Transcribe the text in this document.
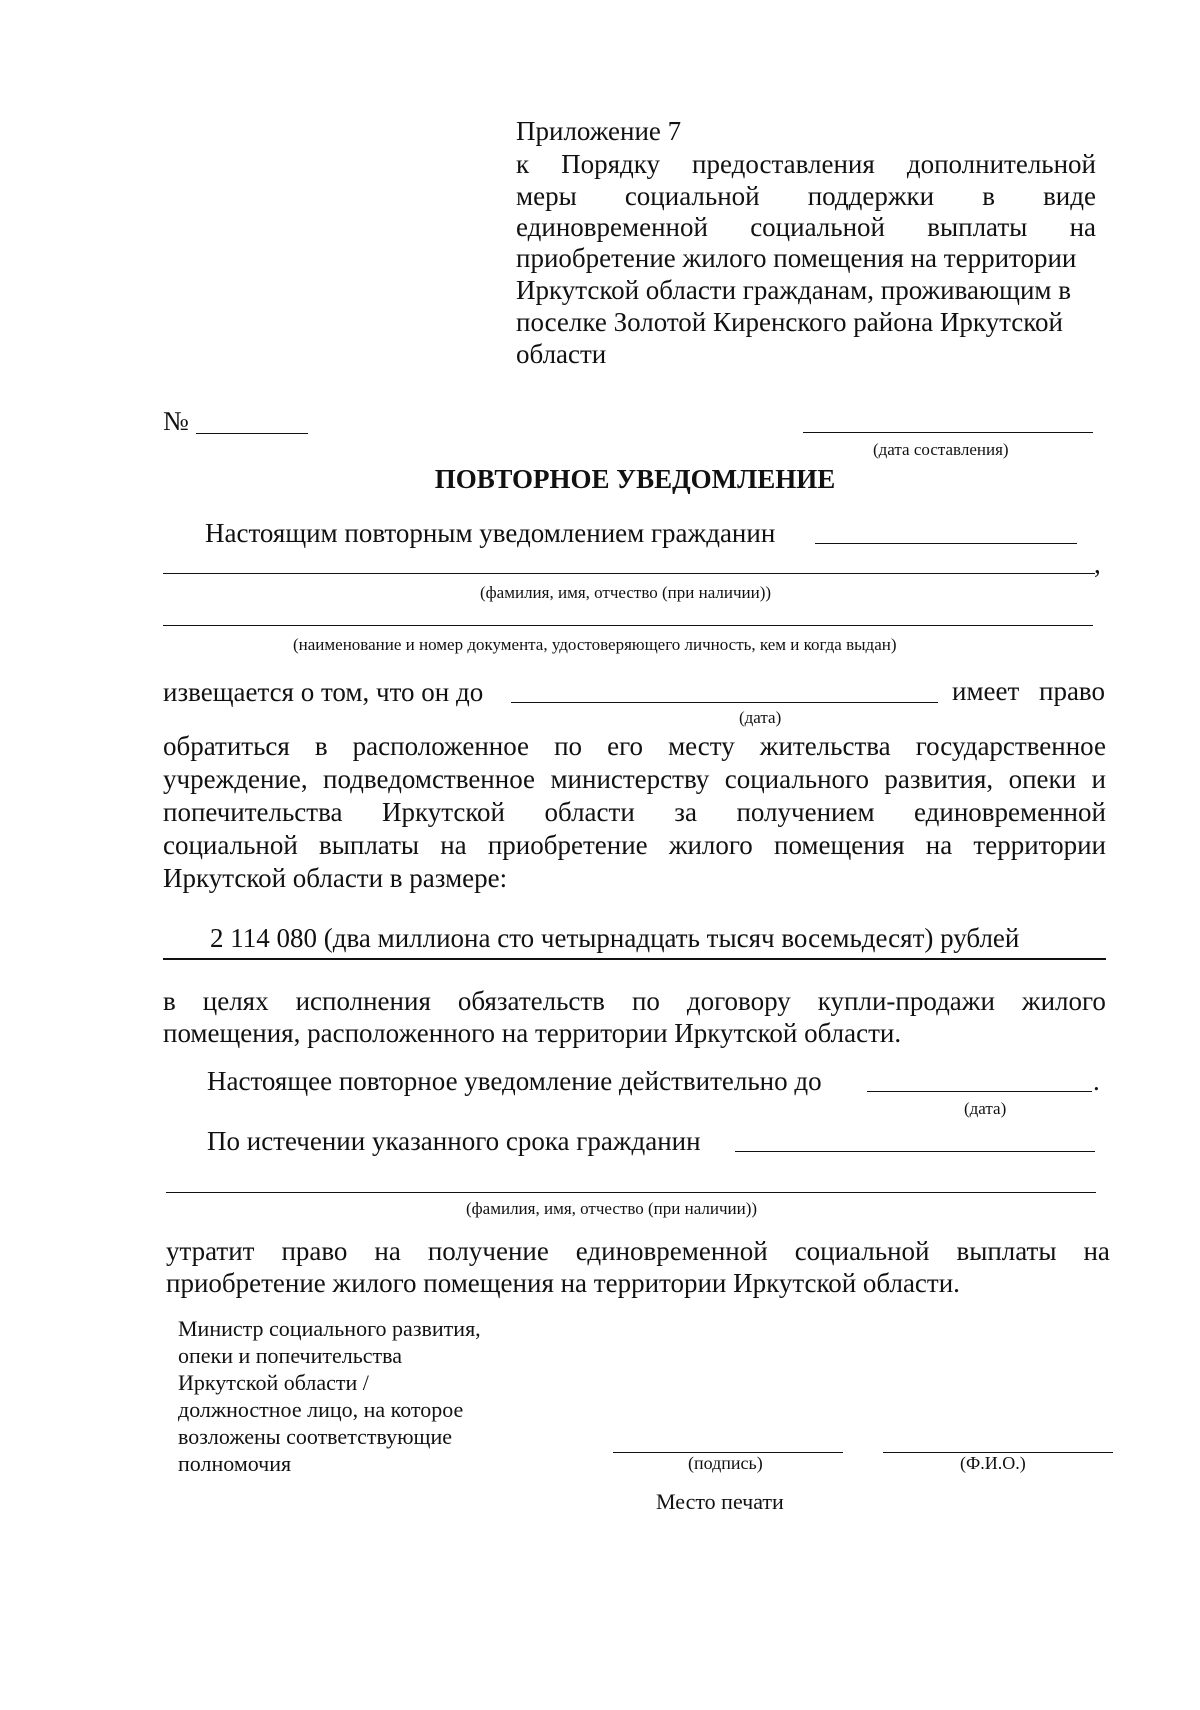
Приложение 7
к Порядку предоставления дополнительной
меры социальной поддержки в виде
единовременной социальной выплаты на
приобретение жилого помещения на территории
Иркутской области гражданам, проживающим в
поселке Золотой Киренского района Иркутской
области
№
(дата составления)
ПОВТОРНОЕ УВЕДОМЛЕНИЕ
Настоящим повторным уведомлением гражданин
,
(фамилия, имя, отчество (при наличии))
(наименование и номер документа, удостоверяющего личность, кем и когда выдан)
извещается о том, что он до	имеет право
(дата)
обратиться в расположенное по его месту жительства государственное
учреждение, подведомственное министерству социального развития, опеки и
попечительства Иркутской области за получением единовременной
социальной выплаты на приобретение жилого помещения на территории
Иркутской области в размере:
2 114 080 (два миллиона сто четырнадцать тысяч восемьдесят) рублей
в целях исполнения обязательств по договору купли-продажи жилого
помещения, расположенного на территории Иркутской области.
Настоящее повторное уведомление действительно до	.
(дата)
По истечении указанного срока гражданин
(фамилия, имя, отчество (при наличии))
утратит право на получение единовременной социальной выплаты на
приобретение жилого помещения на территории Иркутской области.
Министр социального развития,
опеки и попечительства
Иркутской области /
должностное лицо, на которое
возложены соответствующие
полномочия	(подпись)	(Ф.И.О.)
Место печати
